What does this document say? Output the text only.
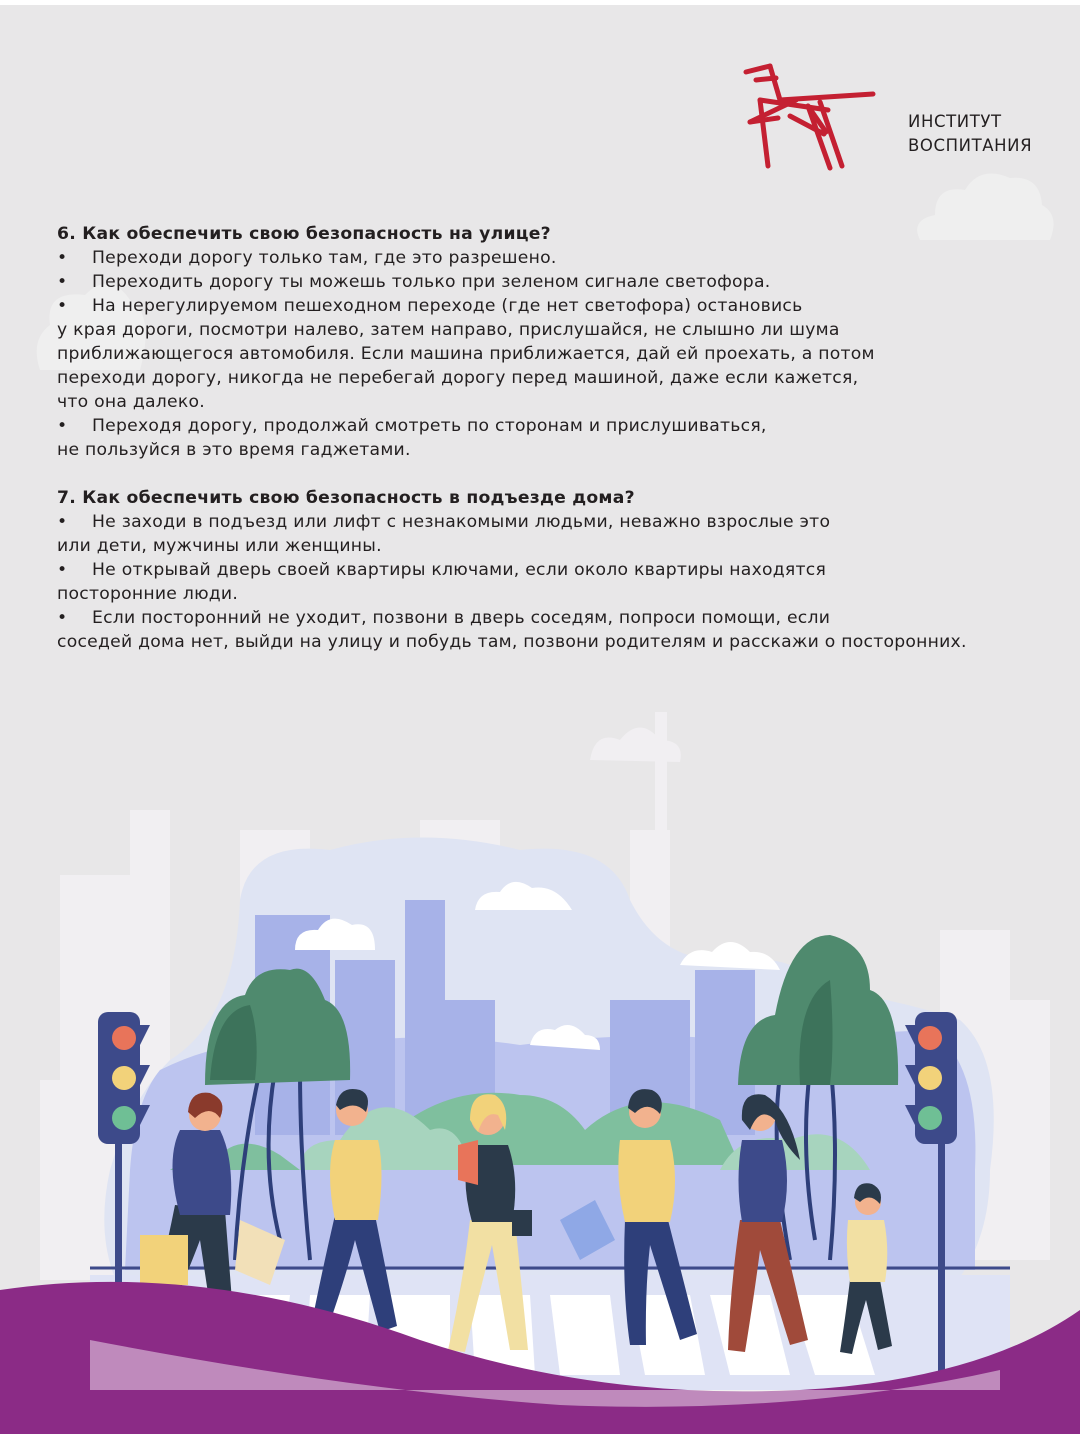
ИНСТИТУТ
ВОСПИТАНИЯ
6. Как обеспечить свою безопасность на улице?
• Переходи дорогу только там, где это разрешено.
• Переходить дорогу ты можешь только при зеленом сигнале светофора.
• На нерегулируемом пешеходном переходе (где нет светофора) остановись
у края дороги, посмотри налево, затем направо, прислушайся, не слышно ли шума
приближающегося автомобиля. Если машина приближается, дай ей проехать, а потом
переходи дорогу, никогда не перебегай дорогу перед машиной, даже если кажется,
что она далеко.
• Переходя дорогу, продолжай смотреть по сторонам и прислушиваться,
не пользуйся в это время гаджетами.
7. Как обеспечить свою безопасность в подъезде дома?
• Не заходи в подъезд или лифт с незнакомыми людьми, неважно взрослые это
или дети, мужчины или женщины.
• Не открывай дверь своей квартиры ключами, если около квартиры находятся
посторонние люди.
• Если посторонний не уходит, позвони в дверь соседям, попроси помощи, если
соседей дома нет, выйди на улицу и побудь там, позвони родителям и расскажи о посторонних.
